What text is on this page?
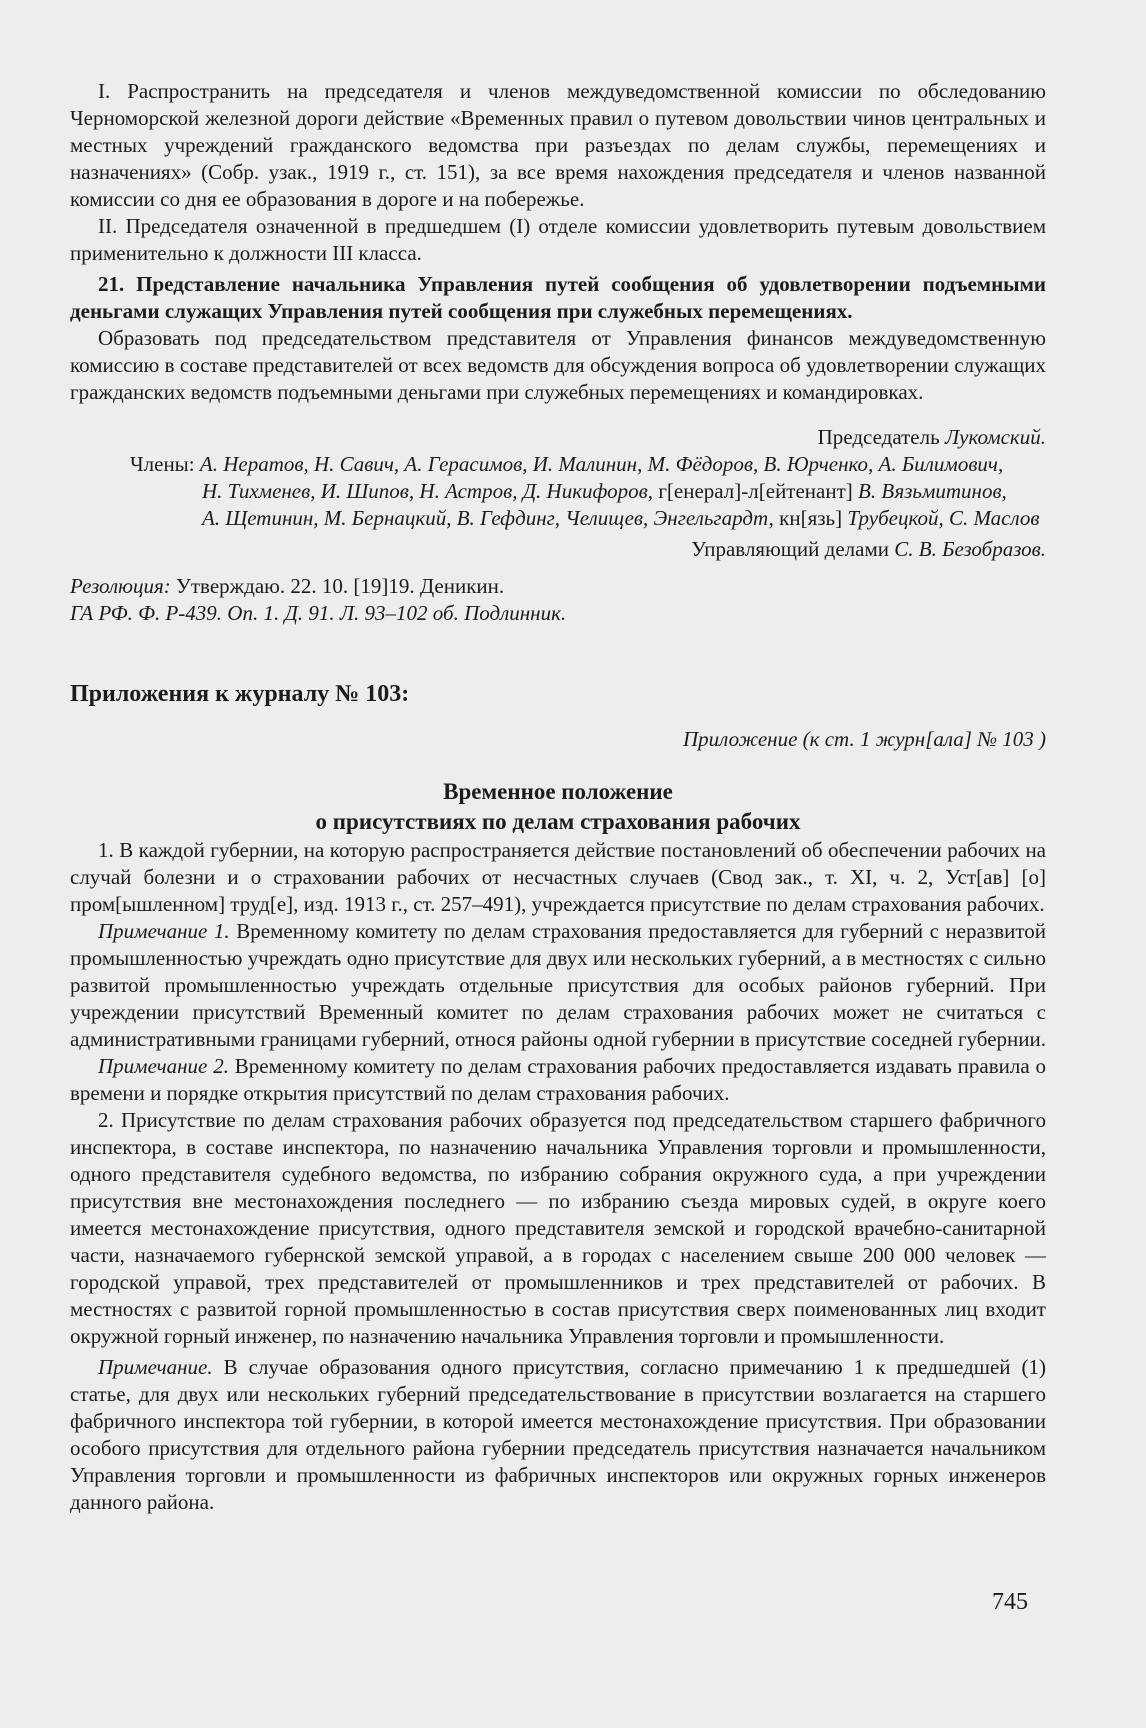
I. Распространить на председателя и членов междуведомственной комиссии по обследованию Черноморской железной дороги действие «Временных правил о путевом довольствии чинов центральных и местных учреждений гражданского ведомства при разъездах по делам службы, перемещениях и назначениях» (Собр. узак., 1919 г., ст. 151), за все время нахождения председателя и членов названной комиссии со дня ее образования в дороге и на побережье.

II. Председателя означенной в предшедшем (I) отделе комиссии удовлетворить путевым довольствием применительно к должности III класса.

21. Представление начальника Управления путей сообщения об удовлетворении подъемными деньгами служащих Управления путей сообщения при служебных перемещениях.

Образовать под председательством представителя от Управления финансов междуведомственную комиссию в составе представителей от всех ведомств для обсуждения вопроса об удовлетворении служащих гражданских ведомств подъемными деньгами при служебных перемещениях и командировках.

Председатель Лукомский.

Члены: А. Нератов, Н. Савич, А. Герасимов, И. Малинин, М. Фёдоров, В. Юрченко, А. Билимович,

Н. Тихменев, И. Шипов, Н. Астров, Д. Никифоров, г[енерал]-л[ейтенант] В. Вязьмитинов,

А. Щетинин, М. Бернацкий, В. Гефдинг, Челищев, Энгельгардт, кн[язь] Трубецкой, С. Маслов

Управляющий делами С. В. Безобразов.

Резолюция: Утверждаю. 22. 10. [19]19. Деникин.

ГА РФ. Ф. Р-439. Оп. 1. Д. 91. Л. 93–102 об. Подлинник.

Приложения к журналу № 103:

Приложение (к ст. 1 журн[ала] № 103 )

Временное положение
о присутствиях по делам страхования рабочих

1. В каждой губернии, на которую распространяется действие постановлений об обеспечении рабочих на случай болезни и о страховании рабочих от несчастных случаев (Свод зак., т. XI, ч. 2, Уст[ав] [о] пром[ышленном] труд[е], изд. 1913 г., ст. 257–491), учреждается присутствие по делам страхования рабочих.

Примечание 1. Временному комитету по делам страхования предоставляется для губерний с неразвитой промышленностью учреждать одно присутствие для двух или нескольких губерний, а в местностях с сильно развитой промышленностью учреждать отдельные присутствия для особых районов губерний. При учреждении присутствий Временный комитет по делам страхования рабочих может не считаться с административными границами губерний, относя районы одной губернии в присутствие соседней губернии.

Примечание 2. Временному комитету по делам страхования рабочих предоставляется издавать правила о времени и порядке открытия присутствий по делам страхования рабочих.

2. Присутствие по делам страхования рабочих образуется под председательством старшего фабричного инспектора, в составе инспектора, по назначению начальника Управления торговли и промышленности, одного представителя судебного ведомства, по избранию собрания окружного суда, а при учреждении присутствия вне местонахождения последнего — по избранию съезда мировых судей, в округе коего имеется местонахождение присутствия, одного представителя земской и городской врачебно-санитарной части, назначаемого губернской земской управой, а в городах с населением свыше 200 000 человек — городской управой, трех представителей от промышленников и трех представителей от рабочих. В местностях с развитой горной промышленностью в состав присутствия сверх поименованных лиц входит окружной горный инженер, по назначению начальника Управления торговли и промышленности.

Примечание. В случае образования одного присутствия, согласно примечанию 1 к предшедшей (1) статье, для двух или нескольких губерний председательствование в присутствии возлагается на старшего фабричного инспектора той губернии, в которой имеется местонахождение присутствия. При образовании особого присутствия для отдельного района губернии председатель присутствия назначается начальником Управления торговли и промышленности из фабричных инспекторов или окружных горных инженеров данного района.

745
